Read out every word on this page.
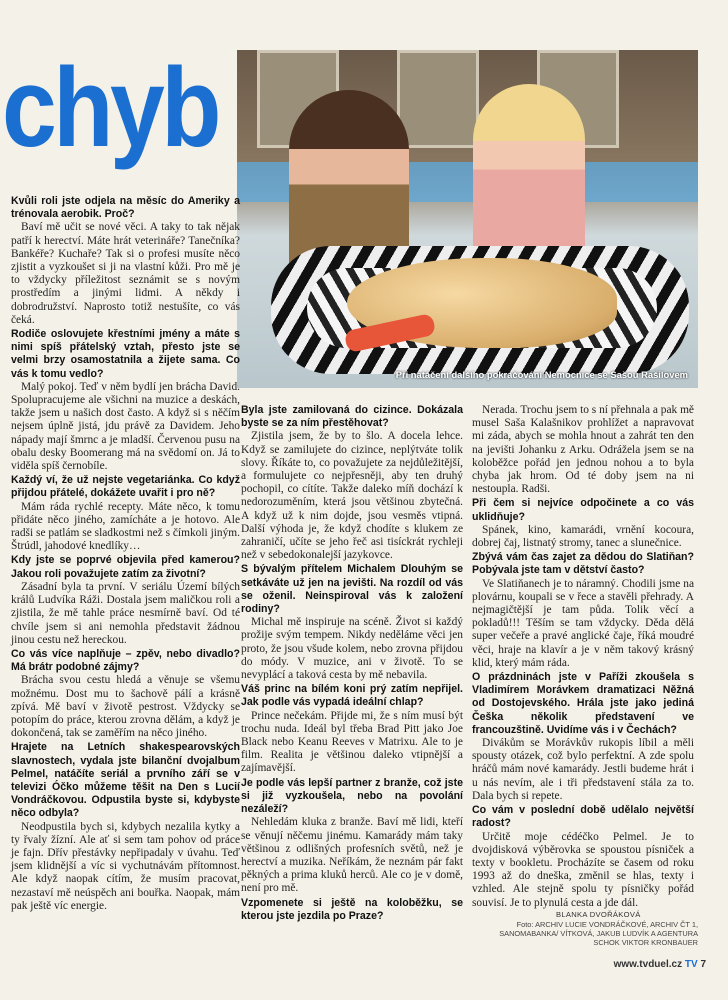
chyb

Při natáčení dalšího pokračování Nemocnice se Sašou Rašilovem

Kvůli roli jste odjela na měsíc do Ameriky a trénovala aerobik. Proč?

Baví mě učit se nové věci. A taky to tak nějak patří k herectví. Máte hrát veterináře? Tanečníka? Bankéře? Kuchaře? Tak si o profesi musíte něco zjistit a vyzkoušet si ji na vlastní kůži. Pro mě je to vždycky příležitost seznámit se s novým prostředím a jinými lidmi. A někdy i dobrodružství. Naprosto totiž nestušíte, co vás čeká.

Rodiče oslovujete křestními jmény a máte s nimi spíš přátelský vztah, přesto jste se velmi brzy osamostatnila a žijete sama. Co vás k tomu vedlo?

Malý pokoj. Teď v něm bydlí jen brácha David. Spolupracujeme ale všichni na muzice a deskách, takže jsem u našich dost často. A když si s něčím nejsem úplně jistá, jdu právě za Davidem. Jeho nápady mají šmrnc a je mladší. Červenou pusu na obalu desky Boomerang má na svědomí on. Já to viděla spíš černobíle.

Každý ví, že už nejste vegetariánka. Co když přijdou přátelé, dokážete uvařit i pro ně?

Mám ráda rychlé recepty. Máte něco, k tomu přidáte něco jiného, zamícháte a je hotovo. Ale radši se patlám se sladkostmi než s čímkoli jiným. Štrúdl, jahodové knedlíky…

Kdy jste se poprvé objevila před kamerou? Jakou roli považujete zatím za životní?

Zásadní byla ta první. V seriálu Území bílých králů Ludvíka Ráži. Dostala jsem maličkou roli a zjistila, že mě tahle práce nesmírně baví. Od té chvíle jsem si ani nemohla představit žádnou jinou cestu než hereckou.

Co vás více naplňuje – zpěv, nebo divadlo? Má brátr podobné zájmy?

Brácha svou cestu hledá a věnuje se všemu možnému. Dost mu to šachově pálí a krásně zpívá. Mě baví v životě pestrost. Vždycky se potopím do práce, kterou zrovna dělám, a když je dokončená, tak se zaměřím na něco jiného.

Hrajete na Letních shakespearovských slavnostech, vydala jste bilanční dvojalbum Pelmel, natáčíte seriál a prvního září se v televizi Óčko můžeme těšit na Den s Lucií Vondráčkovou. Odpustila byste si, kdybyste něco odbyla?

Neodpustila bych si, kdybych nezalila kytky a ty řvaly žízní. Ale ať si sem tam pohov od práce je fajn. Dřív přestávky nepřipadaly v úvahu. Teď jsem klidnější a víc si vychutnávám přítomnost. Ale když naopak cítím, že musím pracovat, nezastaví mě neúspěch ani bouřka. Naopak, mám pak ještě víc energie.

Byla jste zamilovaná do cizince. Dokázala byste se za ním přestěhovat?

Zjistila jsem, že by to šlo. A docela lehce. Když se zamilujete do cizince, neplýtváte tolik slovy. Říkáte to, co považujete za nejdůležitější, a formulujete co nejpřesněji, aby ten druhý pochopil, co cítíte. Takže daleko míň dochází k nedorozuměním, která jsou většinou zbytečná. A když už k nim dojde, jsou vesměs vtipná. Další výhoda je, že když chodíte s klukem ze zahraničí, učíte se jeho řeč asi tisíckrát rychleji než v sebedokonalejší jazykovce.

S bývalým přítelem Michalem Dlouhým se setkáváte už jen na jevišti. Na rozdíl od vás se oženil. Neinspiroval vás k založení rodiny?

Michal mě inspiruje na scéně. Život si každý prožije svým tempem. Nikdy neděláme věci jen proto, že jsou všude kolem, nebo zrovna přijdou do módy. V muzice, ani v životě. To se nevyplácí a taková cesta by mě nebavila.

Váš princ na bílém koni prý zatím nepřijel. Jak podle vás vypadá ideální chlap?

Prince nečekám. Přijde mi, že s ním musí být trochu nuda. Ideál byl třeba Brad Pitt jako Joe Black nebo Keanu Reeves v Matrixu. Ale to je film. Realita je většinou daleko vtipnější a zajímavější.

Je podle vás lepší partner z branže, což jste si již vyzkoušela, nebo na povolání nezáleží?

Nehledám kluka z branže. Baví mě lidi, kteří se věnují něčemu jinému. Kamarády mám taky většinou z odlišných profesních světů, než je herectví a muzika. Neříkám, že neznám pár fakt pěkných a prima kluků herců. Ale co je v domě, není pro mě.

Vzpomenete si ještě na koloběžku, se kterou jste jezdila po Praze?

Nerada. Trochu jsem to s ní přehnala a pak mě musel Saša Kalašnikov prohlížet a napravovat mi záda, abych se mohla hnout a zahrát ten den na jevišti Johanku z Arku. Odrážela jsem se na koloběžce pořád jen jednou nohou a to byla chyba jak hrom. Od té doby jsem na ni nestoupla. Radši.

Při čem si nejvíce odpočinete a co vás uklidňuje?

Spánek, kino, kamarádi, vrnění kocoura, dobrej čaj, listnatý stromy, tanec a slunečnice.

Zbývá vám čas zajet za dědou do Slatiňan? Pobývala jste tam v dětství často?

Ve Slatiňanech je to náramný. Chodili jsme na plovárnu, koupali se v řece a stavěli přehrady. A nejmagičtější je tam půda. Tolik věcí a pokladů!!! Těším se tam vždycky. Děda dělá super večeře a pravé anglické čaje, říká moudré věci, hraje na klavír a je v něm takový krásný klid, který mám ráda.

O prázdninách jste v Paříži zkoušela s Vladimírem Morávkem dramatizaci Něžná od Dostojevského. Hrála jste jako jediná Češka několik představení ve francouzštině. Uvidíme vás i v Čechách?

Divákům se Morávkův rukopis líbil a měli spousty otázek, což bylo perfektní. A zde spolu hráčů mám nové kamarády. Jestli budeme hrát i u nás nevím, ale i tři představení stála za to. Dala bych si repete.

Co vám v poslední době udělalo největší radost?

Určitě moje cédéčko Pelmel. Je to dvojdisková výběrovka se spoustou písniček a texty v bookletu. Procházíte se časem od roku 1993 až do dneška, změnil se hlas, texty i vzhled. Ale stejně spolu ty písničky pořád souvisí. Je to plynulá cesta a jde dál.

BLANKA DVOŘÁKOVÁ

Foto: ARCHIV LUCIE VONDRÁČKOVÉ, ARCHIV ČT 1, SANOMABANKA/ VÍTKOVÁ, JAKUB LUDVÍK A AGENTURA SCHOK VIKTOR KRONBAUER

www.tvduel.cz TV 7
